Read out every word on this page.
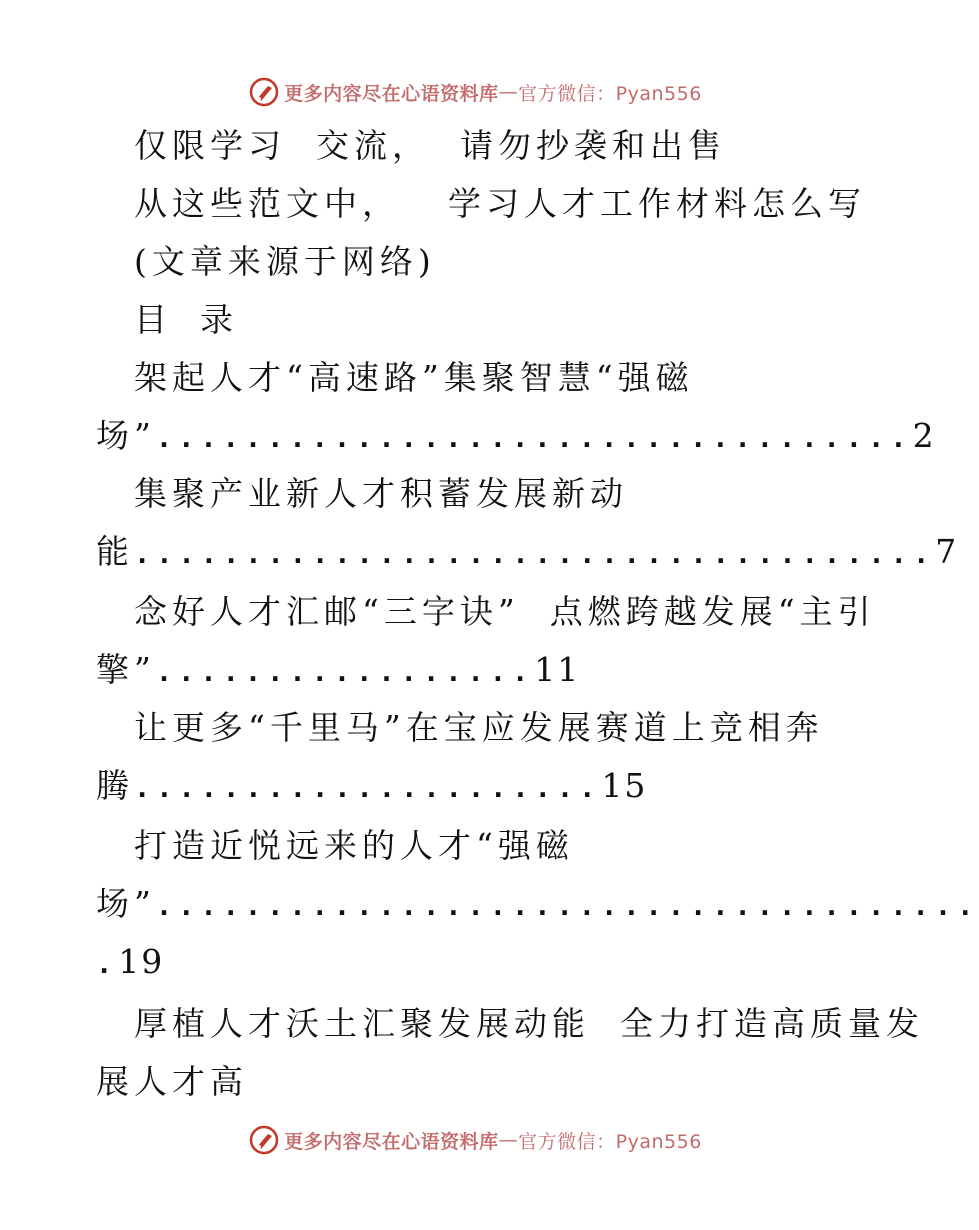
更多内容尽在心语资料库 — 官方微信：Pyan556
仅限学习 交流， 请勿抄袭和出售
从这些范文中， 学习人才工作材料怎么写
(文章来源于网络)
目 录
架起人才“高速路”集聚智慧“强磁
场”..................................2
集聚产业新人才积蓄发展新动
能....................................7
念好人才汇邮“三字诀” 点燃跨越发展“主引
擎”.................11
让更多“千里马”在宝应发展赛道上竞相奔
腾.....................15
打造近悦远来的人才“强磁
场”.....................................
.19
厚植人才沃土汇聚发展动能 全力打造高质量发
展人才高
更多内容尽在心语资料库 — 官方微信：Pyan556
